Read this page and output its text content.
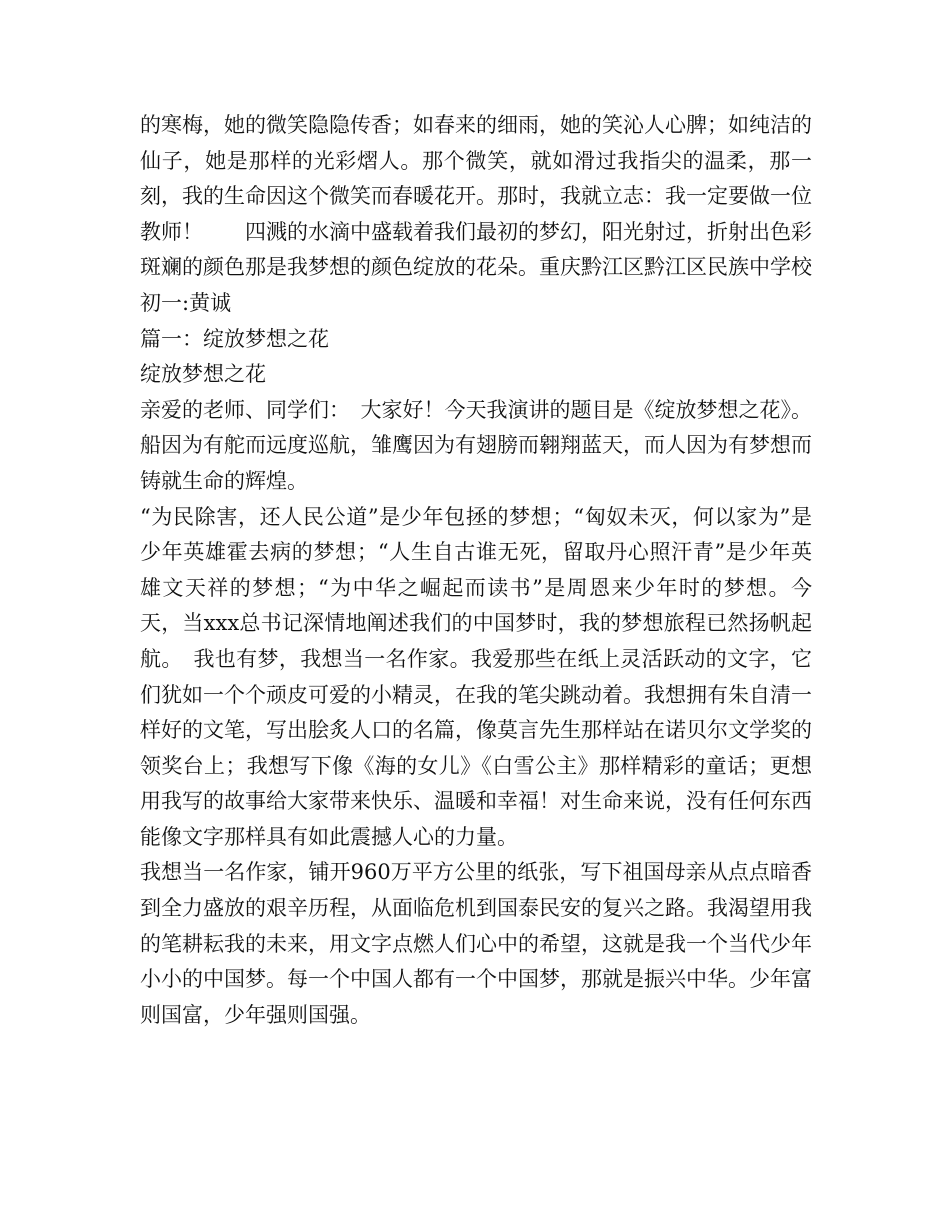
的寒梅，她的微笑隐隐传香；如春来的细雨，她的笑沁人心脾；如纯洁的仙子，她是那样的光彩熠人。那个微笑，就如滑过我指尖的温柔，那一刻，我的生命因这个微笑而春暖花开。那时，我就立志：我一定要做一位教师！　　四溅的水滴中盛载着我们最初的梦幻，阳光射过，折射出色彩斑斓的颜色那是我梦想的颜色绽放的花朵。重庆黔江区黔江区民族中学校初一:黄诚

篇一：绽放梦想之花

绽放梦想之花

亲爱的老师、同学们：　大家好！今天我演讲的题目是《绽放梦想之花》。

船因为有舵而远度巡航，雏鹰因为有翅膀而翱翔蓝天，而人因为有梦想而铸就生命的辉煌。

“为民除害，还人民公道”是少年包拯的梦想；“匈奴未灭，何以家为”是少年英雄霍去病的梦想；“人生自古谁无死，留取丹心照汗青”是少年英雄文天祥的梦想；“为中华之崛起而读书”是周恩来少年时的梦想。今天，当xxx总书记深情地阐述我们的中国梦时，我的梦想旅程已然扬帆起航。　我也有梦，我想当一名作家。我爱那些在纸上灵活跃动的文字，它们犹如一个个顽皮可爱的小精灵，在我的笔尖跳动着。我想拥有朱自清一样好的文笔，写出脍炙人口的名篇，像莫言先生那样站在诺贝尔文学奖的领奖台上；我想写下像《海的女儿》《白雪公主》那样精彩的童话；更想用我写的故事给大家带来快乐、温暖和幸福！对生命来说，没有任何东西能像文字那样具有如此震撼人心的力量。

我想当一名作家，铺开960万平方公里的纸张，写下祖国母亲从点点暗香到全力盛放的艰辛历程，从面临危机到国泰民安的复兴之路。我渴望用我的笔耕耘我的未来，用文字点燃人们心中的希望，这就是我一个当代少年小小的中国梦。每一个中国人都有一个中国梦，那就是振兴中华。少年富则国富，少年强则国强。
